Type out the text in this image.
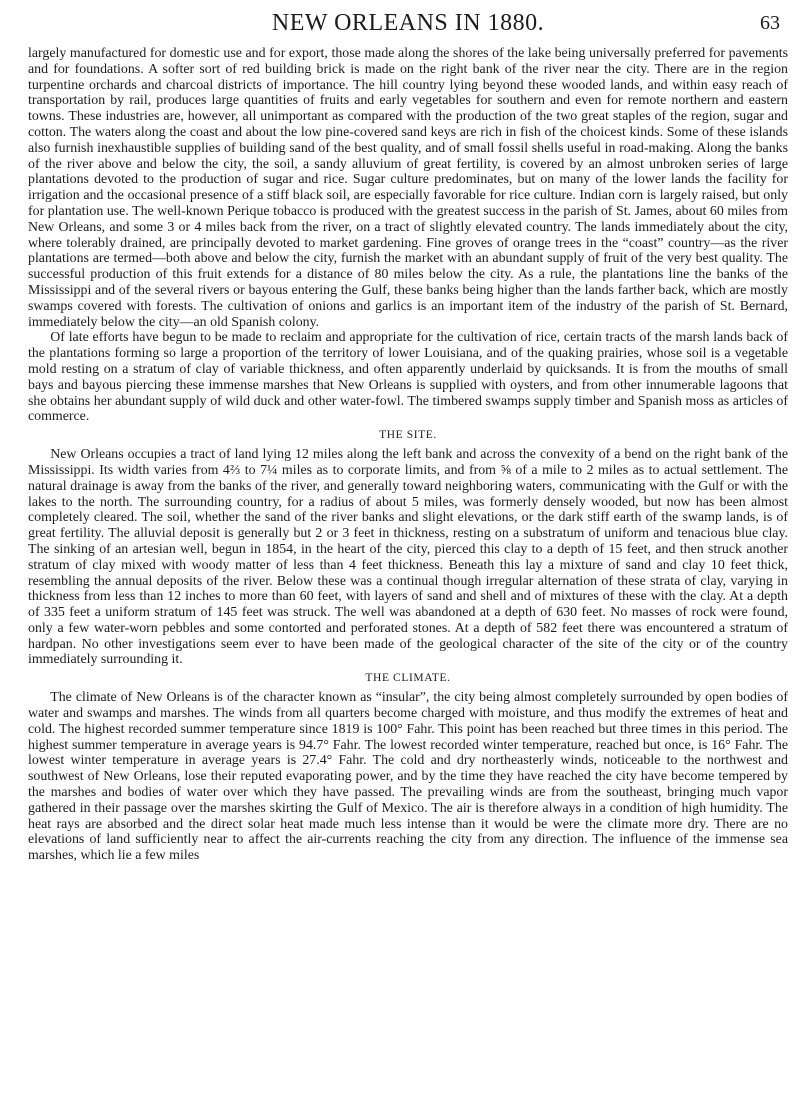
NEW ORLEANS IN 1880.	63

largely manufactured for domestic use and for export, those made along the shores of the lake being universally preferred for pavements and for foundations. A softer sort of red building brick is made on the right bank of the river near the city. There are in the region turpentine orchards and charcoal districts of importance. The hill country lying beyond these wooded lands, and within easy reach of transportation by rail, produces large quantities of fruits and early vegetables for southern and even for remote northern and eastern towns. These industries are, however, all unimportant as compared with the production of the two great staples of the region, sugar and cotton. The waters along the coast and about the low pine-covered sand keys are rich in fish of the choicest kinds. Some of these islands also furnish inexhaustible supplies of building sand of the best quality, and of small fossil shells useful in road-making. Along the banks of the river above and below the city, the soil, a sandy alluvium of great fertility, is covered by an almost unbroken series of large plantations devoted to the production of sugar and rice. Sugar culture predominates, but on many of the lower lands the facility for irrigation and the occasional presence of a stiff black soil, are especially favorable for rice culture. Indian corn is largely raised, but only for plantation use. The well-known Perique tobacco is produced with the greatest success in the parish of St. James, about 60 miles from New Orleans, and some 3 or 4 miles back from the river, on a tract of slightly elevated country. The lands immediately about the city, where tolerably drained, are principally devoted to market gardening. Fine groves of orange trees in the “coast” country—as the river plantations are termed—both above and below the city, furnish the market with an abundant supply of fruit of the very best quality. The successful production of this fruit extends for a distance of 80 miles below the city. As a rule, the plantations line the banks of the Mississippi and of the several rivers or bayous entering the Gulf, these banks being higher than the lands farther back, which are mostly swamps covered with forests. The cultivation of onions and garlics is an important item of the industry of the parish of St. Bernard, immediately below the city—an old Spanish colony.

Of late efforts have begun to be made to reclaim and appropriate for the cultivation of rice, certain tracts of the marsh lands back of the plantations forming so large a proportion of the territory of lower Louisiana, and of the quaking prairies, whose soil is a vegetable mold resting on a stratum of clay of variable thickness, and often apparently underlaid by quicksands. It is from the mouths of small bays and bayous piercing these immense marshes that New Orleans is supplied with oysters, and from other innumerable lagoons that she obtains her abundant supply of wild duck and other water-fowl. The timbered swamps supply timber and Spanish moss as articles of commerce.

THE SITE.

New Orleans occupies a tract of land lying 12 miles along the left bank and across the convexity of a bend on the right bank of the Mississippi. Its width varies from 4⅔ to 7¼ miles as to corporate limits, and from ⅝ of a mile to 2 miles as to actual settlement. The natural drainage is away from the banks of the river, and generally toward neighboring waters, communicating with the Gulf or with the lakes to the north. The surrounding country, for a radius of about 5 miles, was formerly densely wooded, but now has been almost completely cleared. The soil, whether the sand of the river banks and slight elevations, or the dark stiff earth of the swamp lands, is of great fertility. The alluvial deposit is generally but 2 or 3 feet in thickness, resting on a substratum of uniform and tenacious blue clay. The sinking of an artesian well, begun in 1854, in the heart of the city, pierced this clay to a depth of 15 feet, and then struck another stratum of clay mixed with woody matter of less than 4 feet thickness. Beneath this lay a mixture of sand and clay 10 feet thick, resembling the annual deposits of the river. Below these was a continual though irregular alternation of these strata of clay, varying in thickness from less than 12 inches to more than 60 feet, with layers of sand and shell and of mixtures of these with the clay. At a depth of 335 feet a uniform stratum of 145 feet was struck. The well was abandoned at a depth of 630 feet. No masses of rock were found, only a few water-worn pebbles and some contorted and perforated stones. At a depth of 582 feet there was encountered a stratum of hardpan. No other investigations seem ever to have been made of the geological character of the site of the city or of the country immediately surrounding it.

THE CLIMATE.

The climate of New Orleans is of the character known as “insular”, the city being almost completely surrounded by open bodies of water and swamps and marshes. The winds from all quarters become charged with moisture, and thus modify the extremes of heat and cold. The highest recorded summer temperature since 1819 is 100° Fahr. This point has been reached but three times in this period. The highest summer temperature in average years is 94.7° Fahr. The lowest recorded winter temperature, reached but once, is 16° Fahr. The lowest winter temperature in average years is 27.4° Fahr. The cold and dry northeasterly winds, noticeable to the northwest and southwest of New Orleans, lose their reputed evaporating power, and by the time they have reached the city have become tempered by the marshes and bodies of water over which they have passed. The prevailing winds are from the southeast, bringing much vapor gathered in their passage over the marshes skirting the Gulf of Mexico. The air is therefore always in a condition of high humidity. The heat rays are absorbed and the direct solar heat made much less intense than it would be were the climate more dry. There are no elevations of land sufficiently near to affect the air-currents reaching the city from any direction. The influence of the immense sea marshes, which lie a few miles
